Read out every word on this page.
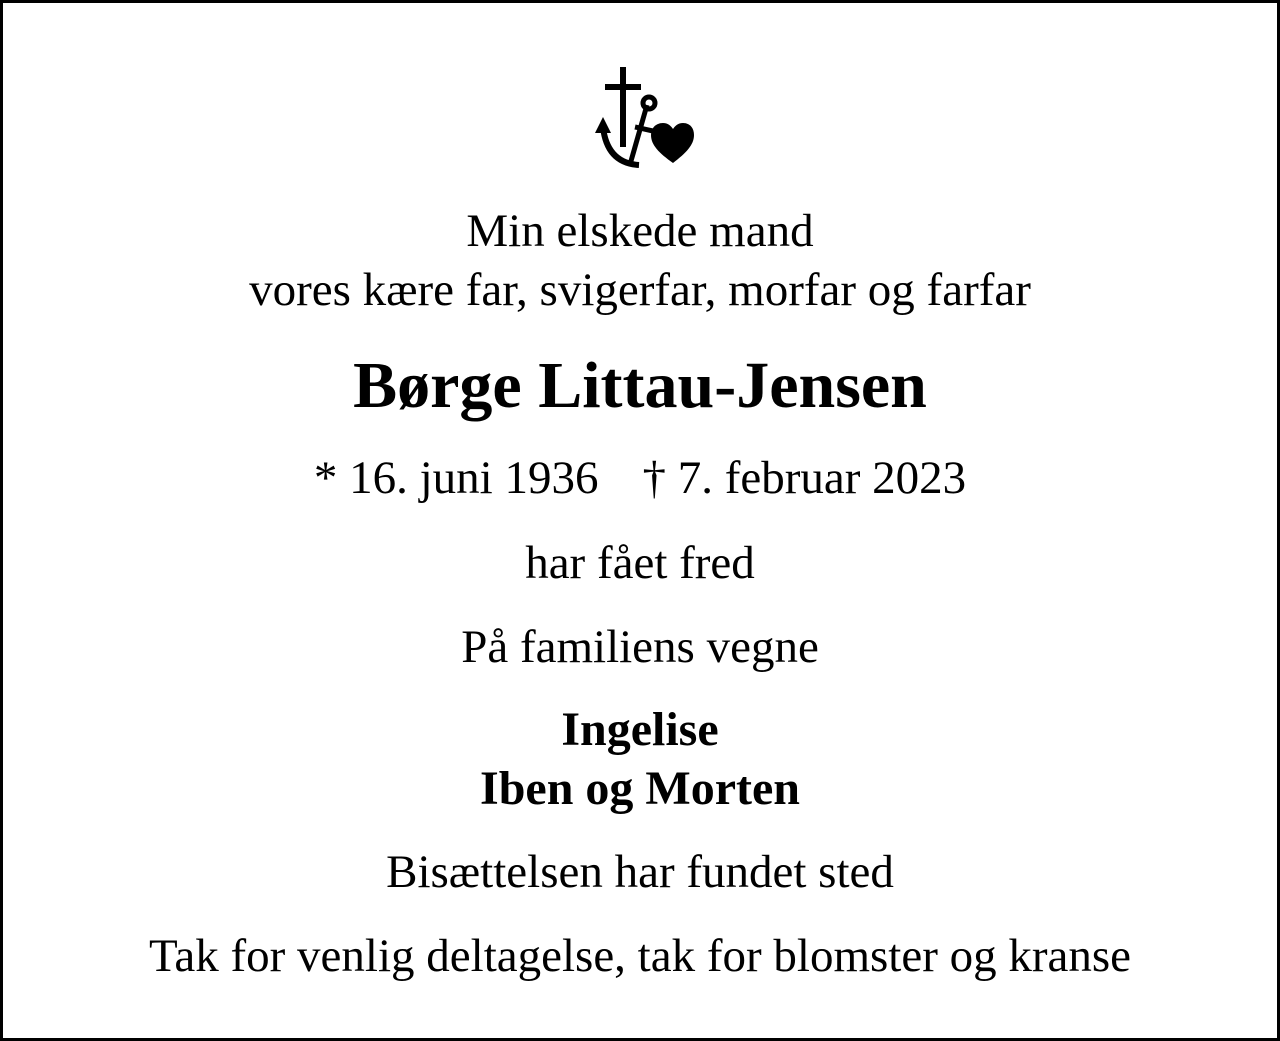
Min elskede mand

vores kære far, svigerfar, morfar og farfar

Børge Littau-Jensen

* 16. juni 1936 † 7. februar 2023

har fået fred

På familiens vegne

Ingelise

Iben og Morten

Bisættelsen har fundet sted

Tak for venlig deltagelse, tak for blomster og kranse
